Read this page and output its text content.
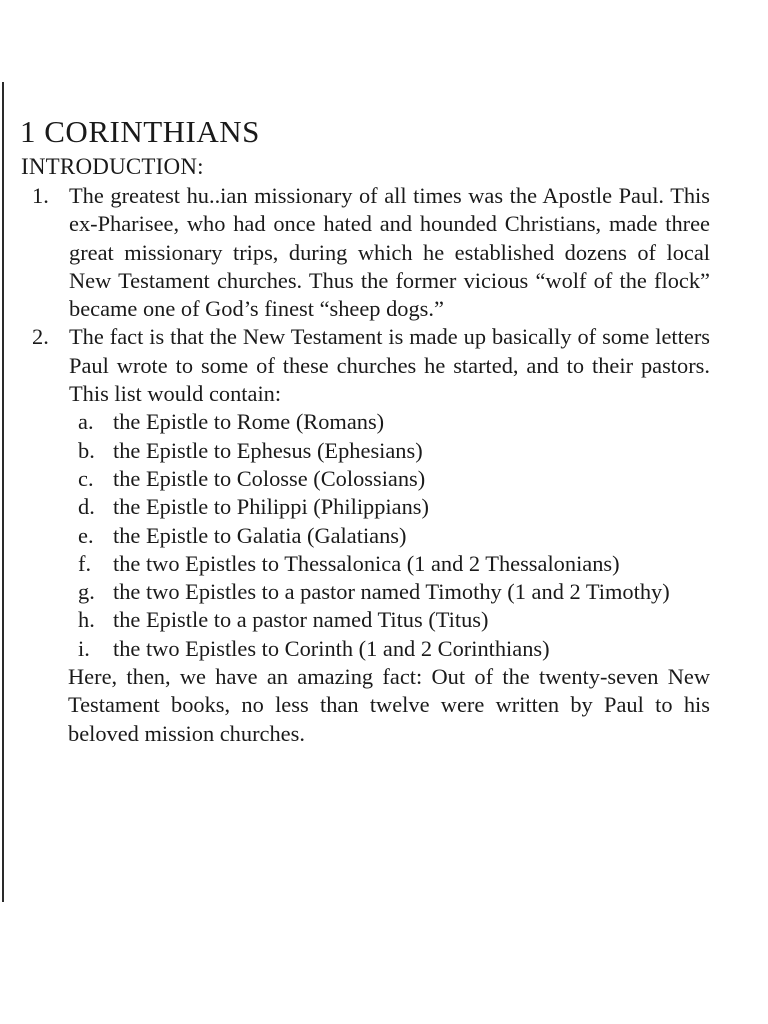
1 CORINTHIANS
INTRODUCTION:
1. The greatest hu..ian missionary of all times was the Apostle Paul. This ex-Pharisee, who had once hated and hounded Christians, made three great missionary trips, during which he established dozens of local New Testament churches. Thus the former vicious “wolf of the flock” became one of God’s finest “sheep dogs.”
2. The fact is that the New Testament is made up basically of some letters Paul wrote to some of these churches he started, and to their pastors. This list would contain:
a. the Epistle to Rome (Romans)
b. the Epistle to Ephesus (Ephesians)
c. the Epistle to Colosse (Colossians)
d. the Epistle to Philippi (Philippians)
e. the Epistle to Galatia (Galatians)
f. the two Epistles to Thessalonica (1 and 2 Thessalonians)
g. the two Epistles to a pastor named Timothy (1 and 2 Timothy)
h. the Epistle to a pastor named Titus (Titus)
i.	the two Epistles to Corinth (1 and 2 Corinthians)
Here, then, we have an amazing fact: Out of the twenty-seven New Testament books, no less than twelve were written by Paul to his beloved mission churches.
